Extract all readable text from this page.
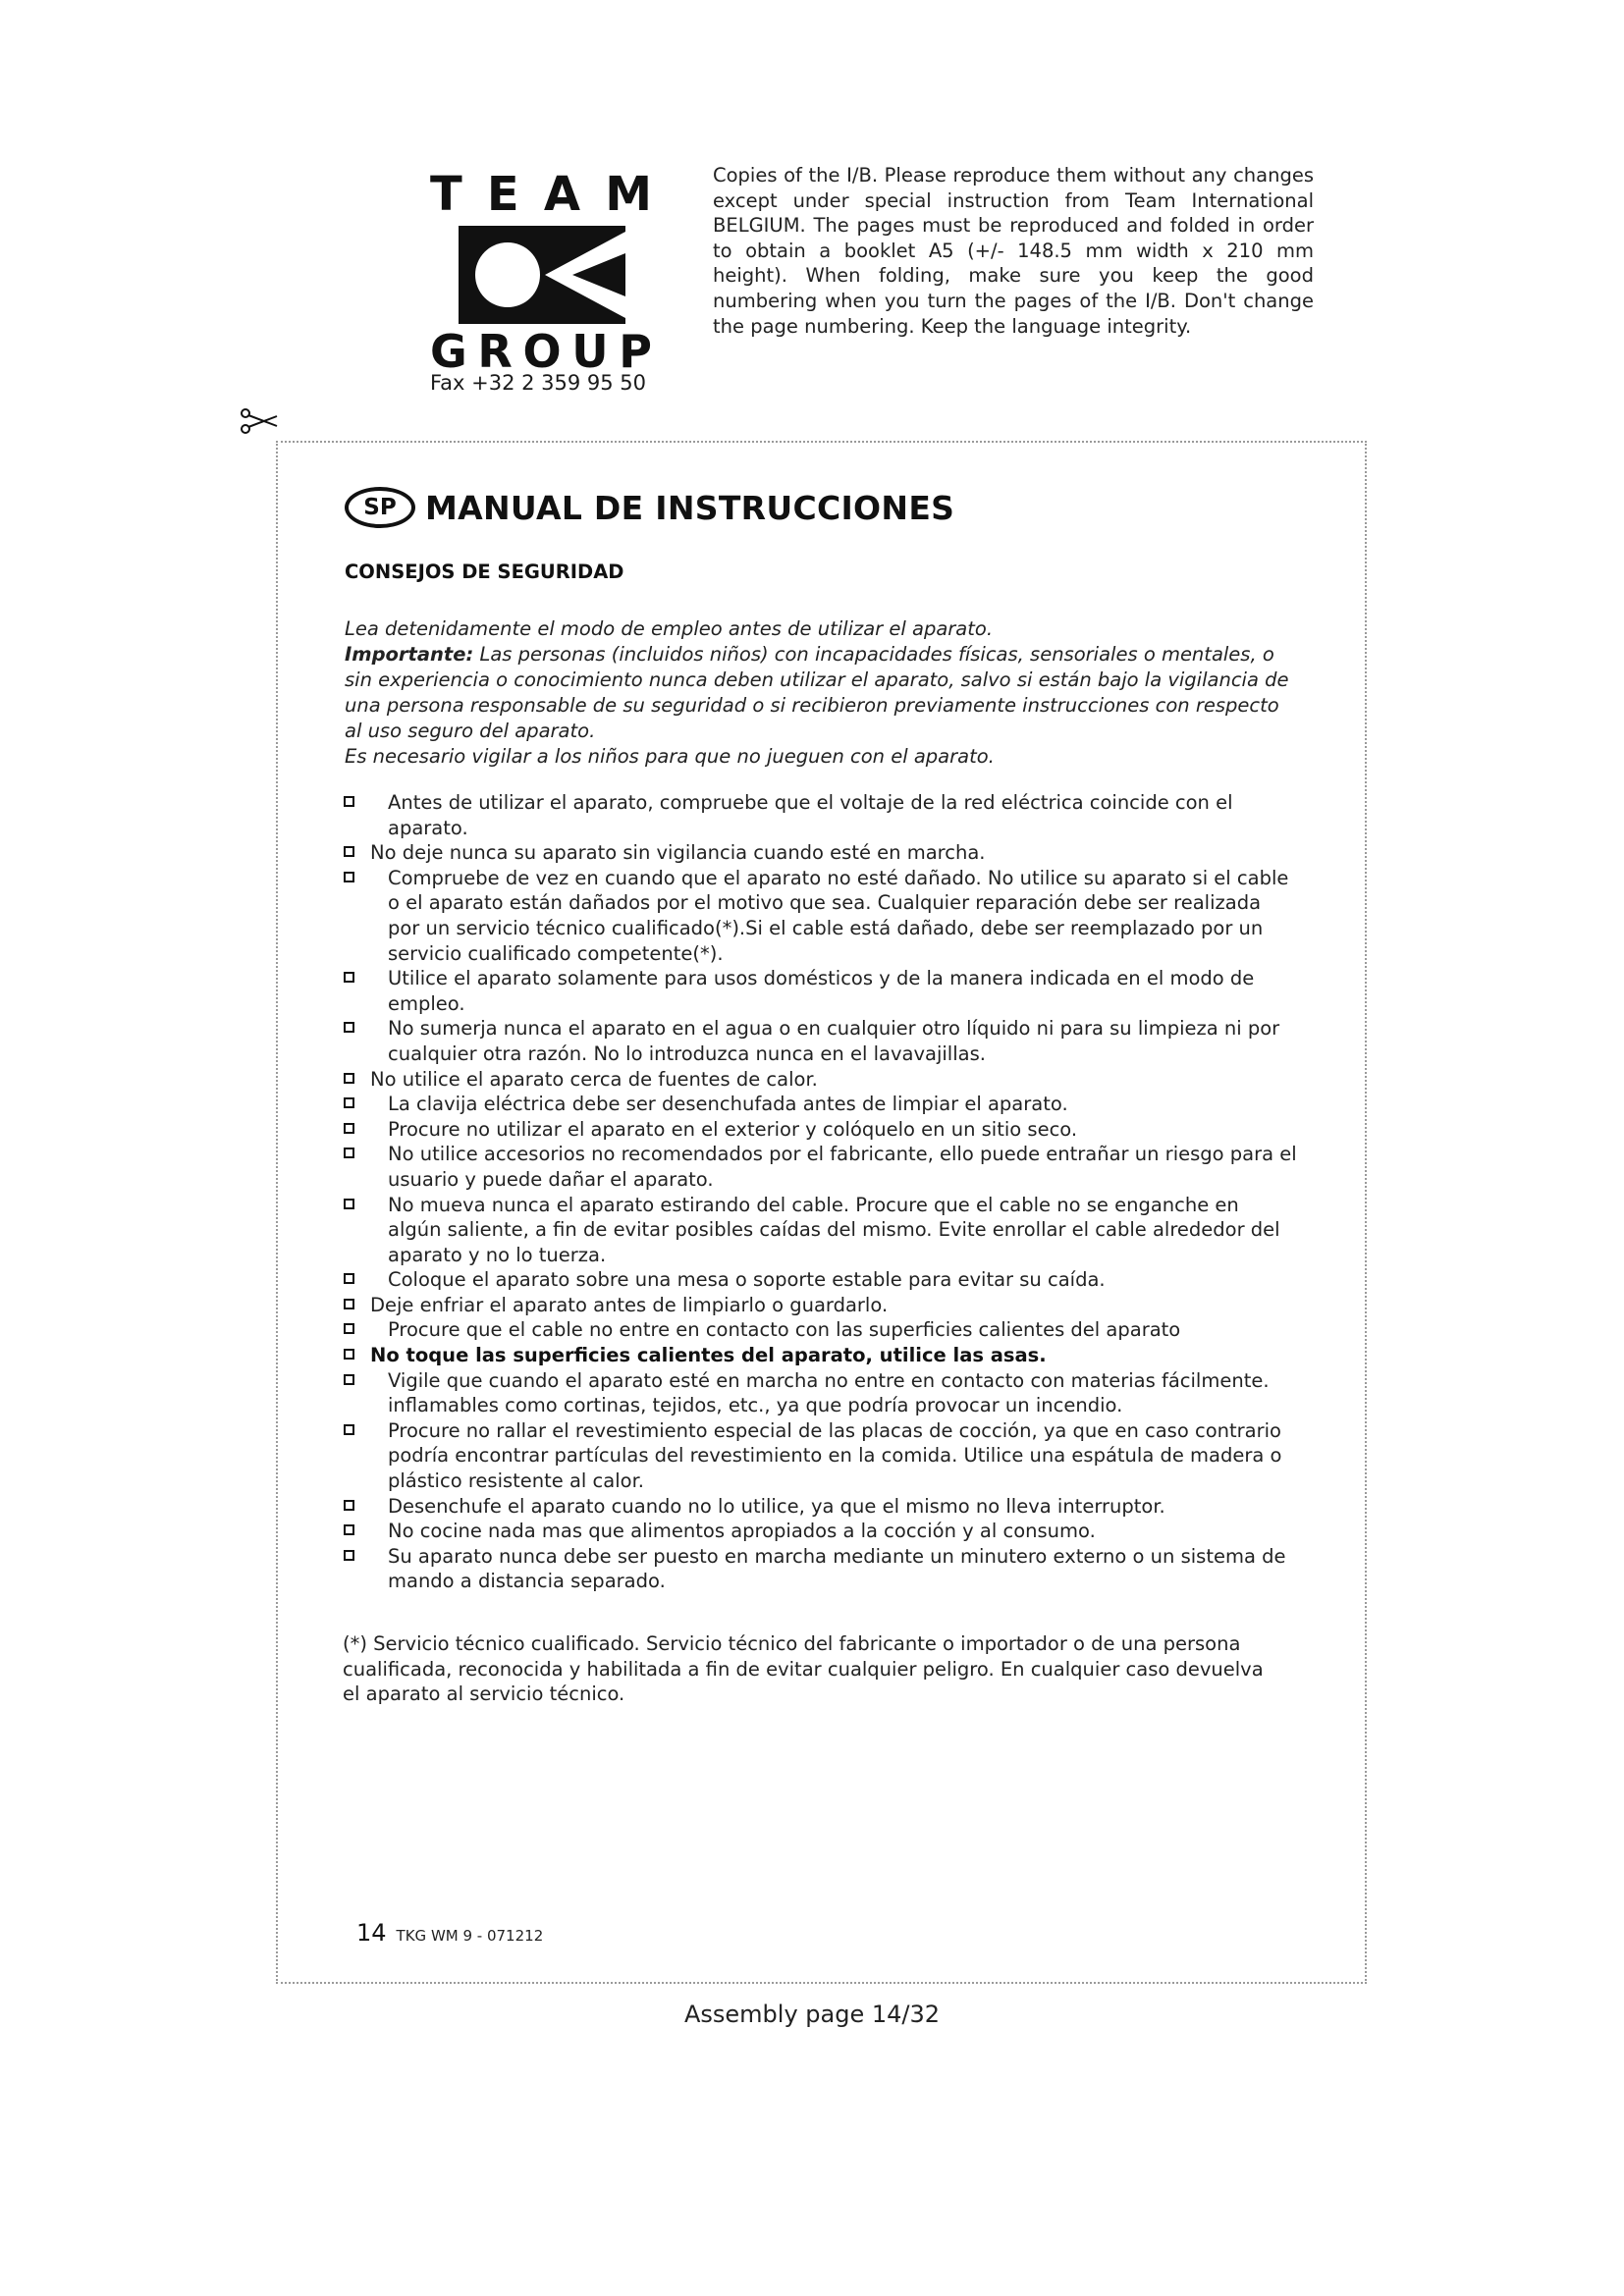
T E A M
G R O U P
Fax +32 2 359 95 50
Copies of the I/B. Please reproduce them without any changes except under special instruction from Team International BELGIUM. The pages must be reproduced and folded in order to obtain a booklet A5 (+/- 148.5 mm width x 210 mm height). When folding, make sure you keep the good numbering when you turn the pages of the I/B. Don't change the page numbering. Keep the language integrity.
SP MANUAL DE INSTRUCCIONES
CONSEJOS DE SEGURIDAD

Lea detenidamente el modo de empleo antes de utilizar el aparato.

Importante: Las personas (incluidos niños) con incapacidades físicas, sensoriales o mentales, o sin experiencia o conocimiento nunca deben utilizar el aparato, salvo si están bajo la vigilancia de una persona responsable de su seguridad o si recibieron previamente instrucciones con respecto al uso seguro del aparato.

Es necesario vigilar a los niños para que no jueguen con el aparato.

Antes de utilizar el aparato, compruebe que el voltaje de la red eléctrica coincide con el aparato.
No deje nunca su aparato sin vigilancia cuando esté en marcha.
Compruebe de vez en cuando que el aparato no esté dañado. No utilice su aparato si el cable o el aparato están dañados por el motivo que sea. Cualquier reparación debe ser realizada por un servicio técnico cualificado(*).Si el cable está dañado, debe ser reemplazado por un servicio cualificado competente(*).
Utilice el aparato solamente para usos domésticos y de la manera indicada en el modo de empleo.
No sumerja nunca el aparato en el agua o en cualquier otro líquido ni para su limpieza ni por cualquier otra razón. No lo introduzca nunca en el lavavajillas.
No utilice el aparato cerca de fuentes de calor.
La clavija eléctrica debe ser desenchufada antes de limpiar el aparato.
Procure no utilizar el aparato en el exterior y colóquelo en un sitio seco.
No utilice accesorios no recomendados por el fabricante, ello puede entrañar un riesgo para el usuario y puede dañar el aparato.
No mueva nunca el aparato estirando del cable. Procure que el cable no se enganche en algún saliente, a fin de evitar posibles caídas del mismo. Evite enrollar el cable alrededor del aparato y no lo tuerza.
Coloque el aparato sobre una mesa o soporte estable para evitar su caída.
Deje enfriar el aparato antes de limpiarlo o guardarlo.
Procure que el cable no entre en contacto con las superficies calientes del aparato
No toque las superficies calientes del aparato, utilice las asas.
Vigile que cuando el aparato esté en marcha no entre en contacto con materias fácilmente. inflamables como cortinas, tejidos, etc., ya que podría provocar un incendio.
Procure no rallar el revestimiento especial de las placas de cocción, ya que en caso contrario podría encontrar partículas del revestimiento en la comida. Utilice una espátula de madera o plástico resistente al calor.
Desenchufe el aparato cuando no lo utilice, ya que el mismo no lleva interruptor.
No cocine nada mas que alimentos apropiados a la cocción y al consumo.
Su aparato nunca debe ser puesto en marcha mediante un minutero externo o un sistema de mando a distancia separado.
(*) Servicio técnico cualificado. Servicio técnico del fabricante o importador o de una persona cualificada, reconocida y habilitada a fin de evitar cualquier peligro. En cualquier caso devuelva el aparato al servicio técnico.
14 TKG WM 9 - 071212
Assembly page 14/32
